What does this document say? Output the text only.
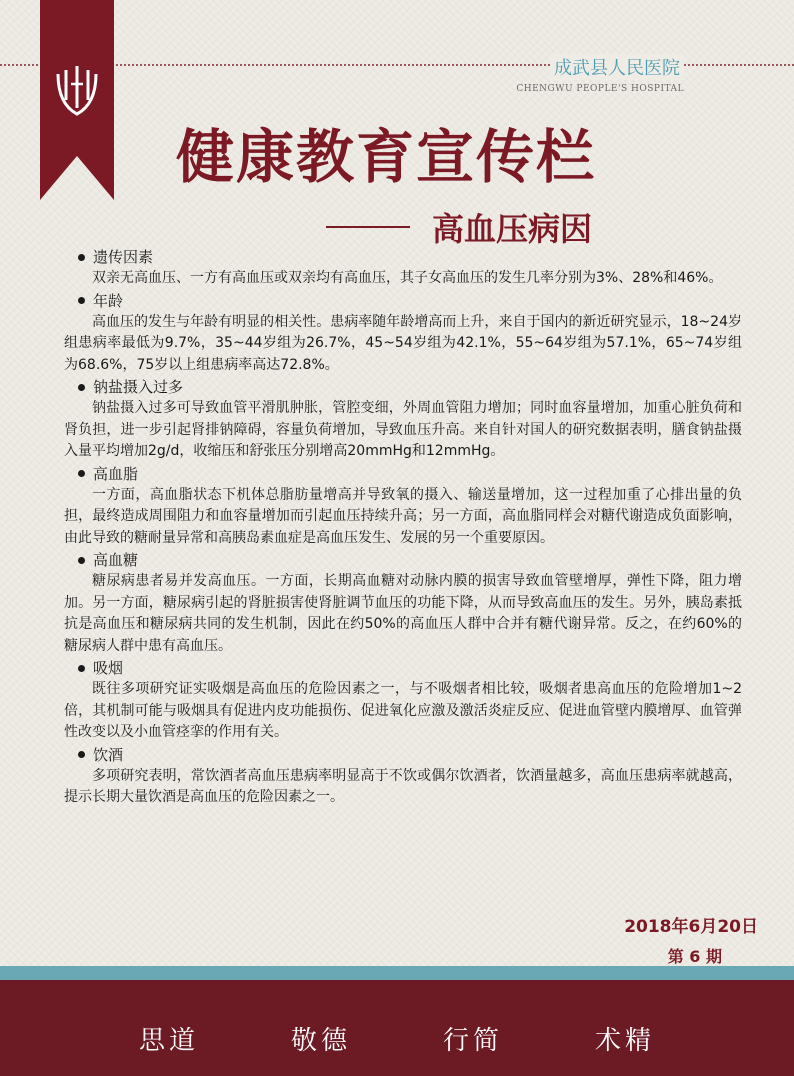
成武县人民医院
CHENGWU PEOPLE'S HOSPITAL
健康教育宣传栏
高血压病因
遗传因素
双亲无高血压、一方有高血压或双亲均有高血压，其子女高血压的发生几率分别为3%、28%和46%。
年龄
高血压的发生与年龄有明显的相关性。患病率随年龄增高而上升，来自于国内的新近研究显示，18~24岁组患病率最低为9.7%，35~44岁组为26.7%，45~54岁组为42.1%，55~64岁组为57.1%，65~74岁组为68.6%，75岁以上组患病率高达72.8%。
钠盐摄入过多
钠盐摄入过多可导致血管平滑肌肿胀，管腔变细，外周血管阻力增加；同时血容量增加，加重心脏负荷和肾负担，进一步引起肾排钠障碍，容量负荷增加，导致血压升高。来自针对国人的研究数据表明，膳食钠盐摄入量平均增加2g/d，收缩压和舒张压分别增高20mmHg和12mmHg。
高血脂
一方面，高血脂状态下机体总脂肪量增高并导致氧的摄入、输送量增加，这一过程加重了心排出量的负担，最终造成周围阻力和血容量增加而引起血压持续升高；另一方面，高血脂同样会对糖代谢造成负面影响，由此导致的糖耐量异常和高胰岛素血症是高血压发生、发展的另一个重要原因。
高血糖
糖尿病患者易并发高血压。一方面，长期高血糖对动脉内膜的损害导致血管壁增厚，弹性下降，阻力增加。另一方面，糖尿病引起的肾脏损害使肾脏调节血压的功能下降，从而导致高血压的发生。另外，胰岛素抵抗是高血压和糖尿病共同的发生机制，因此在约50%的高血压人群中合并有糖代谢异常。反之，在约60%的糖尿病人群中患有高血压。
吸烟
既往多项研究证实吸烟是高血压的危险因素之一，与不吸烟者相比较，吸烟者患高血压的危险增加1~2倍，其机制可能与吸烟具有促进内皮功能损伤、促进氧化应激及激活炎症反应、促进血管壁内膜增厚、血管弹性改变以及小血管痉挛的作用有关。
饮酒
多项研究表明，常饮酒者高血压患病率明显高于不饮或偶尔饮酒者，饮酒量越多，高血压患病率就越高，提示长期大量饮酒是高血压的危险因素之一。
2018年6月20日
第 6 期
思道	敬德	行简	术精
